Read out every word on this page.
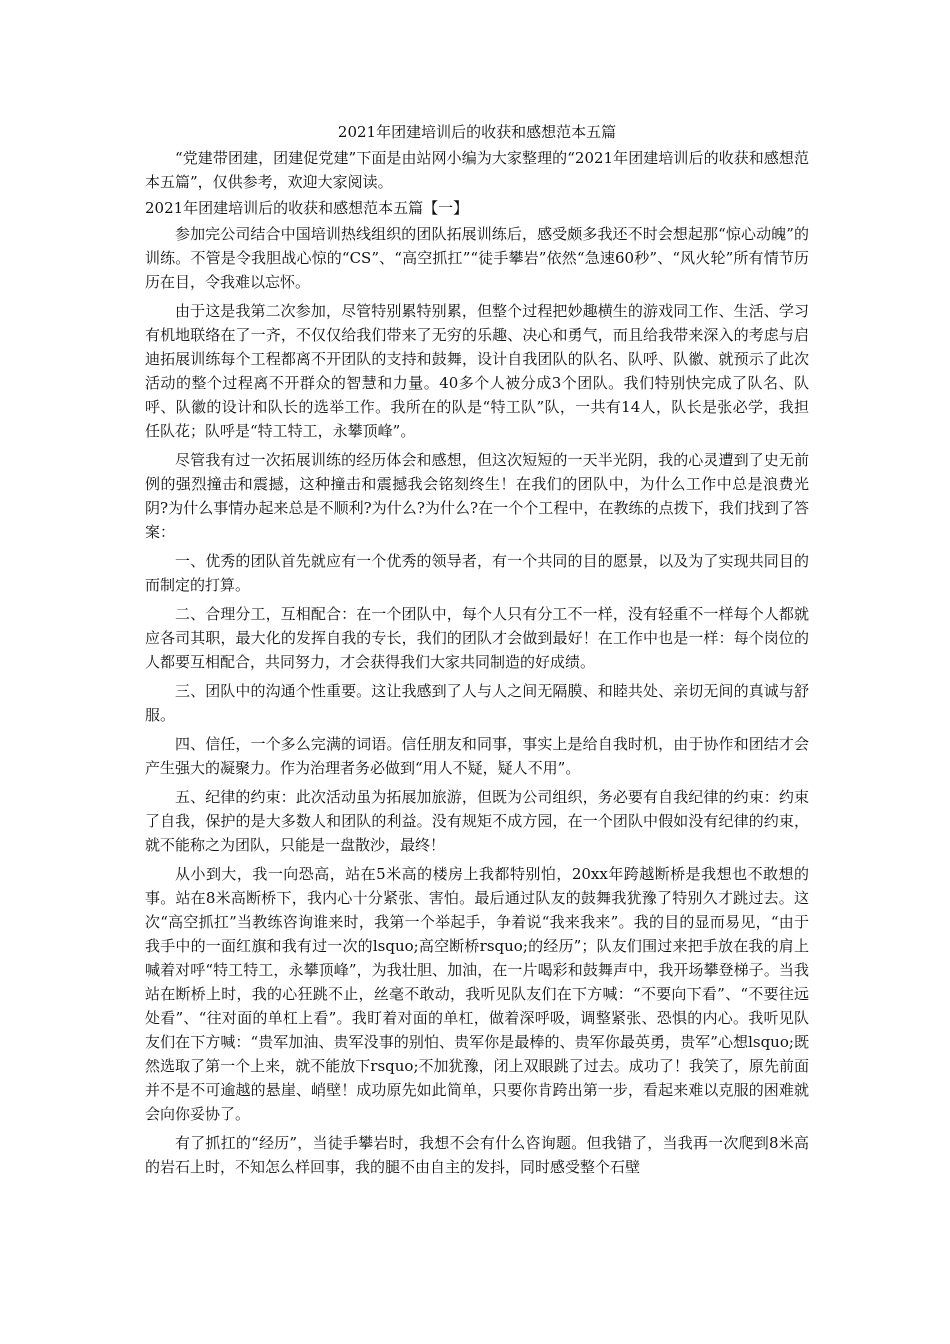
2021年团建培训后的收获和感想范本五篇

“党建带团建，团建促党建”下面是由站网小编为大家整理的“2021年团建培训后的收获和感想范本五篇”，仅供参考，欢迎大家阅读。

2021年团建培训后的收获和感想范本五篇【一】

参加完公司结合中国培训热线组织的团队拓展训练后，感受颇多我还不时会想起那“惊心动魄”的训练。不管是令我胆战心惊的“CS”、“高空抓扛”“徒手攀岩”依然“急速60秒”、“风火轮”所有情节历历在目，令我难以忘怀。

由于这是我第二次参加，尽管特别累特别累，但整个过程把妙趣横生的游戏同工作、生活、学习有机地联络在了一齐，不仅仅给我们带来了无穷的乐趣、决心和勇气，而且给我带来深入的考虑与启迪拓展训练每个工程都离不开团队的支持和鼓舞，设计自我团队的队名、队呼、队徽、就预示了此次活动的整个过程离不开群众的智慧和力量。40多个人被分成3个团队。我们特别快完成了队名、队呼、队徽的设计和队长的选举工作。我所在的队是“特工队”队，一共有14人，队长是张必学，我担任队花；队呼是“特工特工，永攀顶峰”。

尽管我有过一次拓展训练的经历体会和感想，但这次短短的一天半光阴，我的心灵遭到了史无前例的强烈撞击和震撼，这种撞击和震撼我会铭刻终生！在我们的团队中，为什么工作中总是浪费光阴?为什么事情办起来总是不顺利?为什么?为什么?在一个个工程中，在教练的点拨下，我们找到了答案：

一、优秀的团队首先就应有一个优秀的领导者，有一个共同的目的愿景，以及为了实现共同目的而制定的打算。

二、合理分工，互相配合：在一个团队中，每个人只有分工不一样，没有轻重不一样每个人都就应各司其职，最大化的发挥自我的专长，我们的团队才会做到最好！在工作中也是一样：每个岗位的人都要互相配合，共同努力，才会获得我们大家共同制造的好成绩。

三、团队中的沟通个性重要。这让我感到了人与人之间无隔膜、和睦共处、亲切无间的真诚与舒服。

四、信任，一个多么完满的词语。信任朋友和同事，事实上是给自我时机，由于协作和团结才会产生强大的凝聚力。作为治理者务必做到“用人不疑，疑人不用”。

五、纪律的约束：此次活动虽为拓展加旅游，但既为公司组织，务必要有自我纪律的约束：约束了自我，保护的是大多数人和团队的利益。没有规矩不成方园，在一个团队中假如没有纪律的约束，就不能称之为团队，只能是一盘散沙，最终！

从小到大，我一向恐高，站在5米高的楼房上我都特别怕，20xx年跨越断桥是我想也不敢想的事。站在8米高断桥下，我内心十分紧张、害怕。最后通过队友的鼓舞我犹豫了特别久才跳过去。这次“高空抓扛”当教练咨询谁来时，我第一个举起手，争着说“我来我来”。我的目的显而易见，“由于我手中的一面红旗和我有过一次的lsquo;高空断桥rsquo;的经历”；队友们围过来把手放在我的肩上喊着对呼“特工特工，永攀顶峰”，为我壮胆、加油，在一片喝彩和鼓舞声中，我开场攀登梯子。当我站在断桥上时，我的心狂跳不止，丝毫不敢动，我听见队友们在下方喊：“不要向下看”、“不要往远处看”、“往对面的单杠上看”。我盯着对面的单杠，做着深呼吸，调整紧张、恐惧的内心。我听见队友们在下方喊：“贵军加油、贵军没事的别怕、贵军你是最棒的、贵军你最英勇，贵军”心想lsquo;既然选取了第一个上来，就不能放下rsquo;不加犹豫，闭上双眼跳了过去。成功了！我笑了，原先前面并不是不可逾越的悬崖、峭壁！成功原先如此简单，只要你肯跨出第一步，看起来难以克服的困难就会向你妥协了。

有了抓扛的“经历”，当徒手攀岩时，我想不会有什么咨询题。但我错了，当我再一次爬到8米高的岩石上时，不知怎么样回事，我的腿不由自主的发抖，同时感受整个石壁
